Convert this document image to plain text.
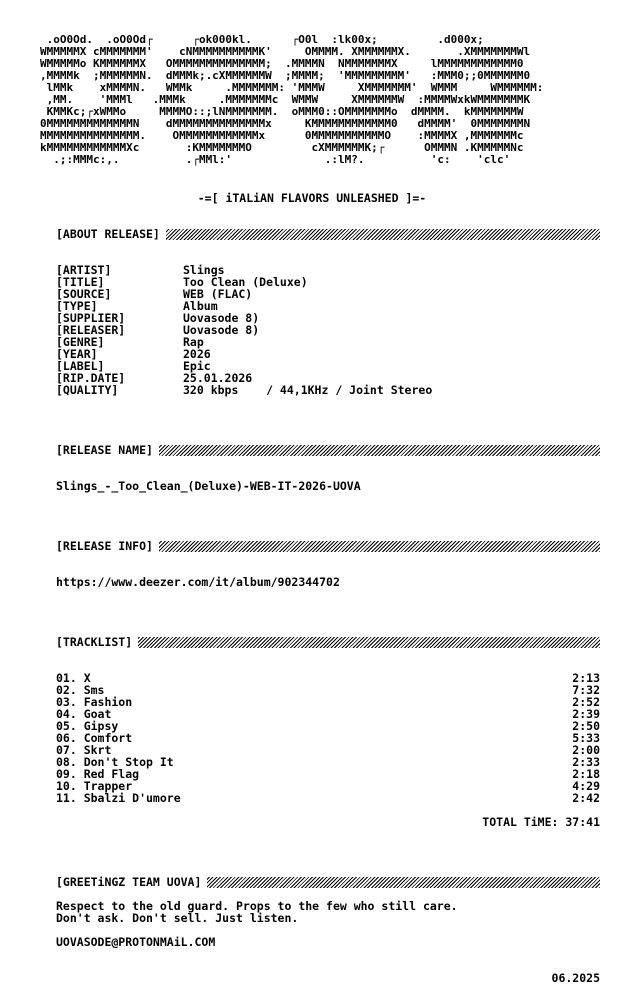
.oO0Od.  .oO0Od┌      ┌ok000kl.      ┌O0l  :lk00x;         .d000x;
WMMMMMX cMMMMMMM'    cNMMMMMMMMMMK'     OMMMM. XMMMMMMX.       .XMMMMMMMWl
WMMMMMo KMMMMMMX   OMMMMMMMMMMMMMM;  .MMMMN  NMMMMMMMX     lMMMMMMMMMMMM0
,MMMMk  ;MMMMMMN.  dMMMk;.cXMMMMMMW  ;MMMM;  'MMMMMMMMM'   :MMM0;;0MMMMMM0
lMMk    xMMMMN.   WMMk     .MMMMMMM: 'MMMW     XMMMMMMM'  WMMM     WMMMMMM:
,MM.    'MMMl   .MMMk     .MMMMMMMc  WMMW     XMMMMMMW  :MMMMWxkWMMMMMMMK
KMMKc;┌xWMMo     MMMMO::;lNMMMMMMM.  oMMM0::OMMMMMMMo  dMMMM.  kMMMMMMMW
0MMMMMMMMMMMMMN    dMMMMMMMMMMMMMMx     KMMMMMMMMMMMM0   dMMMM'  0MMMMMMMN
MMMMMMMMMMMMMMM.    OMMMMMMMMMMMMx      0MMMMMMMMMMMO    :MMMMX ,MMMMMMMc
kMMMMMMMMMMMMXc       :KMMMMMMMO         cXMMMMMMK;┌      OMMMN .KMMMMMNc
.;:MMMc:,.          .┌MMl:'              .:lM?.          'c:    'clc'

-=[ iTALiAN FLAVORS UNLEASHED ]=-
[ABOUT RELEASE]
[ARTIST]	Slings
[TITLE]	Too Clean (Deluxe)
[SOURCE]	WEB (FLAC)
[TYPE]	Album
[SUPPLIER]	Uovasode 8)
[RELEASER]	Uovasode 8)
[GENRE]	Rap
[YEAR]	2026
[LABEL]	Epic
[RIP.DATE]	25.01.2026
[QUALITY]	320 kbps    / 44,1KHz / Joint Stereo
[RELEASE NAME]
Slings_-_Too_Clean_(Deluxe)-WEB-IT-2026-UOVA
[RELEASE INFO]
https://www.deezer.com/it/album/902344702
[TRACKLIST]
01. X	2:13
02. Sms	7:32
03. Fashion	2:52
04. Goat	2:39
05. Gipsy	2:50
06. Comfort	5:33
07. Skrt	2:00
08. Don't Stop It	2:33
09. Red Flag	2:18
10. Trapper	4:29
11. Sbalzi D'umore	2:42
TOTAL TiME: 37:41
[GREETiNGZ TEAM UOVA]
Respect to the old guard. Props to the few who still care.
Don't ask. Don't sell. Just listen.
UOVASODE@PROTONMAiL.COM
06.2025
